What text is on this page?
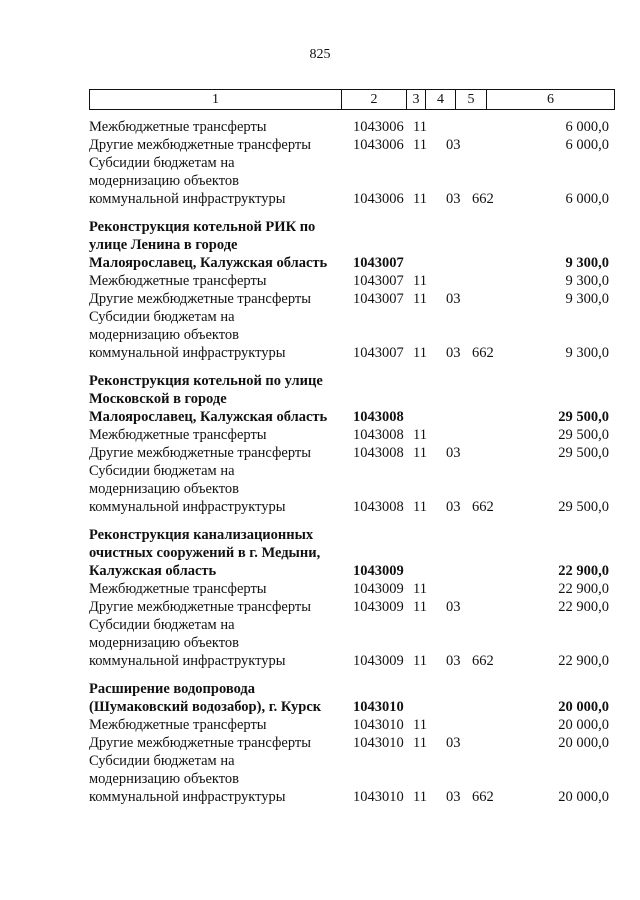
825
1	2	3	4	5	6
Межбюджетные трансферты	1043006 11	6 000,0
Другие межбюджетные трансферты	1043006 11 03	6 000,0
Субсидии бюджетам на
модернизацию объектов
коммунальной инфраструктуры	1043006 11 03 662	6 000,0
Реконструкция котельной РИК по
улице Ленина в городе
Малоярославец, Калужская область	1043007	9 300,0
Межбюджетные трансферты	1043007 11	9 300,0
Другие межбюджетные трансферты	1043007 11 03	9 300,0
Субсидии бюджетам на
модернизацию объектов
коммунальной инфраструктуры	1043007 11 03 662	9 300,0
Реконструкция котельной по улице
Московской в городе
Малоярославец, Калужская область	1043008	29 500,0
Межбюджетные трансферты	1043008 11	29 500,0
Другие межбюджетные трансферты	1043008 11 03	29 500,0
Субсидии бюджетам на
модернизацию объектов
коммунальной инфраструктуры	1043008 11 03 662	29 500,0
Реконструкция канализационных
очистных сооружений в г. Медыни,
Калужская область	1043009	22 900,0
Межбюджетные трансферты	1043009 11	22 900,0
Другие межбюджетные трансферты	1043009 11 03	22 900,0
Субсидии бюджетам на
модернизацию объектов
коммунальной инфраструктуры	1043009 11 03 662	22 900,0
Расширение водопровода
(Шумаковский водозабор), г. Курск	1043010	20 000,0
Межбюджетные трансферты	1043010 11	20 000,0
Другие межбюджетные трансферты	1043010 11 03	20 000,0
Субсидии бюджетам на
модернизацию объектов
коммунальной инфраструктуры	1043010 11 03 662	20 000,0
